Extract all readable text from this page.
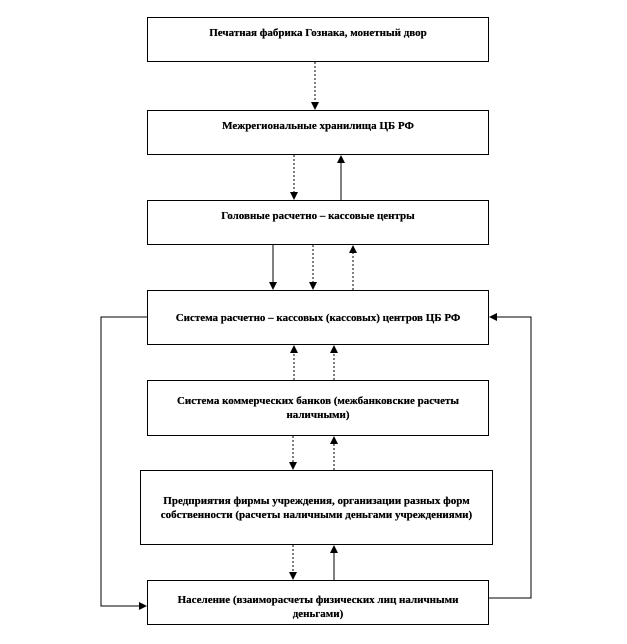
Печатная фабрика Гознака, монетный двор
Межрегиональные хранилища ЦБ РФ
Головные расчетно – кассовые центры
Система расчетно – кассовых (кассовых) центров ЦБ РФ
Система коммерческих банков (межбанковские расчеты наличными)
Предприятия фирмы учреждения, организации разных форм собственности (расчеты наличными деньгами учреждениями)
Население (взаиморасчеты физических лиц наличными деньгами)
